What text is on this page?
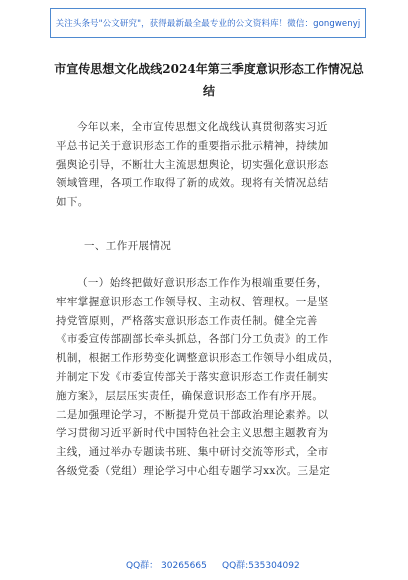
关注头条号"公文研究"，获得最新最全最专业的公文资料库！微信：gongwenyj
市宣传思想文化战线2024年第三季度意识形态工作情况总
结
今年以来，全市宣传思想文化战线认真贯彻落实习近
平总书记关于意识形态工作的重要指示批示精神，持续加
强舆论引导，不断壮大主流思想舆论，切实强化意识形态
领域管理，各项工作取得了新的成效。现将有关情况总结
如下。
一、工作开展情况
（一）始终把做好意识形态工作作为根端重要任务，
牢牢掌握意识形态工作领导权、主动权、管理权。一是坚
持党管原则，严格落实意识形态工作责任制。健全完善
《市委宣传部副部长牵头抓总，各部门分工负责》的工作
机制，根据工作形势变化调整意识形态工作领导小组成员，
并制定下发《市委宣传部关于落实意识形态工作责任制实
施方案》，层层压实责任，确保意识形态工作有序开展。
二是加强理论学习，不断提升党员干部政治理论素养。以
学习贯彻习近平新时代中国特色社会主义思想主题教育为
主线，通过举办专题读书班、集中研讨交流等形式，全市
各级党委（党组）理论学习中心组专题学习xx次。三是定
QQ群： 30265665 QQ群:535304092
